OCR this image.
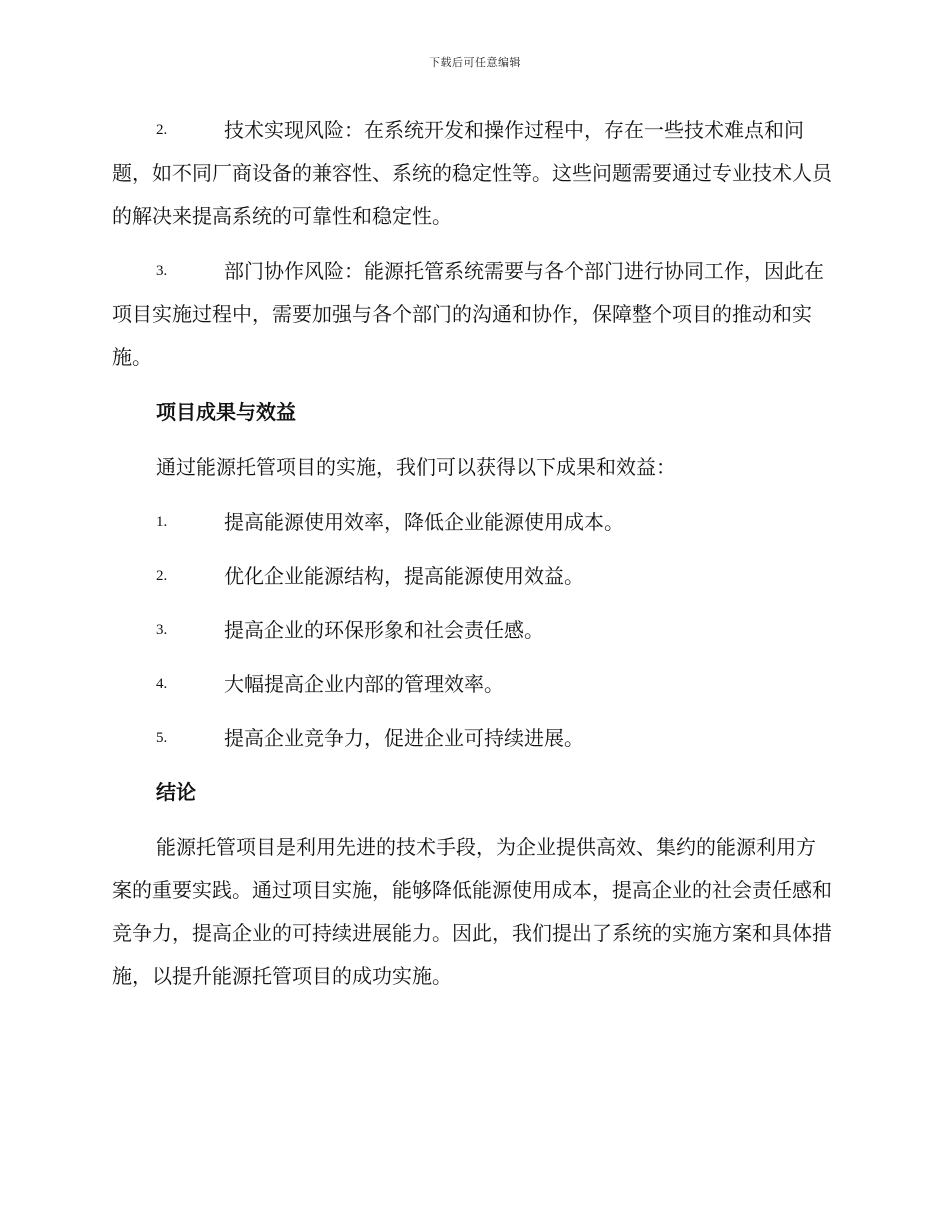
下载后可任意编辑
2.	技术实现风险：在系统开发和操作过程中，存在一些技术难点和问题，如不同厂商设备的兼容性、系统的稳定性等。这些问题需要通过专业技术人员的解决来提高系统的可靠性和稳定性。
3.	部门协作风险：能源托管系统需要与各个部门进行协同工作，因此在项目实施过程中，需要加强与各个部门的沟通和协作，保障整个项目的推动和实施。
项目成果与效益
通过能源托管项目的实施，我们可以获得以下成果和效益：
1.	提高能源使用效率，降低企业能源使用成本。
2.	优化企业能源结构，提高能源使用效益。
3.	提高企业的环保形象和社会责任感。
4.	大幅提高企业内部的管理效率。
5.	提高企业竞争力，促进企业可持续进展。
结论
能源托管项目是利用先进的技术手段，为企业提供高效、集约的能源利用方案的重要实践。通过项目实施，能够降低能源使用成本，提高企业的社会责任感和竞争力，提高企业的可持续进展能力。因此，我们提出了系统的实施方案和具体措施，以提升能源托管项目的成功实施。
